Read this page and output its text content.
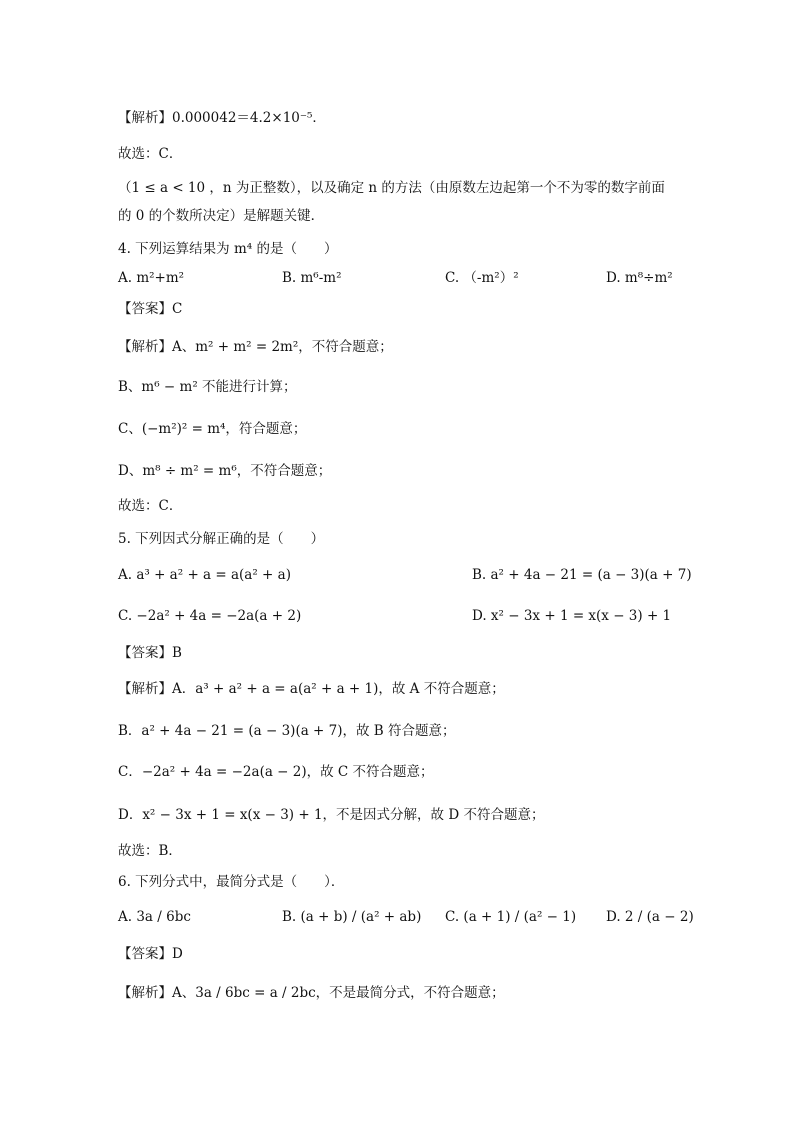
【解析】0.000042＝4.2×10⁻⁵．
故选：C．
（1 ≤ a < 10 ，n 为正整数），以及确定 n 的方法（由原数左边起第一个不为零的数字前面
的 0 的个数所决定）是解题关键．
4. 下列运算结果为 m⁴ 的是（　　）
A. m²+m²	B. m⁶-m²	C. （-m²）²	D. m⁸÷m²
【答案】C
【解析】A、m² + m² = 2m²，不符合题意；
B、m⁶ − m² 不能进行计算；
C、(−m²)² = m⁴，符合题意；
D、m⁸ ÷ m² = m⁶，不符合题意；
故选：C．
5. 下列因式分解正确的是（　　）
A. a³ + a² + a = a(a² + a)	B. a² + 4a − 21 = (a − 3)(a + 7)
C. −2a² + 4a = −2a(a + 2)	D. x² − 3x + 1 = x(x − 3) + 1
【答案】B
【解析】A．a³ + a² + a = a(a² + a + 1)，故 A 不符合题意；
B．a² + 4a − 21 = (a − 3)(a + 7)，故 B 符合题意；
C．−2a² + 4a = −2a(a − 2)，故 C 不符合题意；
D．x² − 3x + 1 = x(x − 3) + 1，不是因式分解，故 D 不符合题意；
故选：B．
6. 下列分式中，最简分式是（　　）．
A. 3a / 6bc	B. (a + b) / (a² + ab) C. (a + 1) / (a² − 1) D. 2 / (a − 2)
【答案】D
【解析】A、3a / 6bc = a / 2bc，不是最简分式，不符合题意；
